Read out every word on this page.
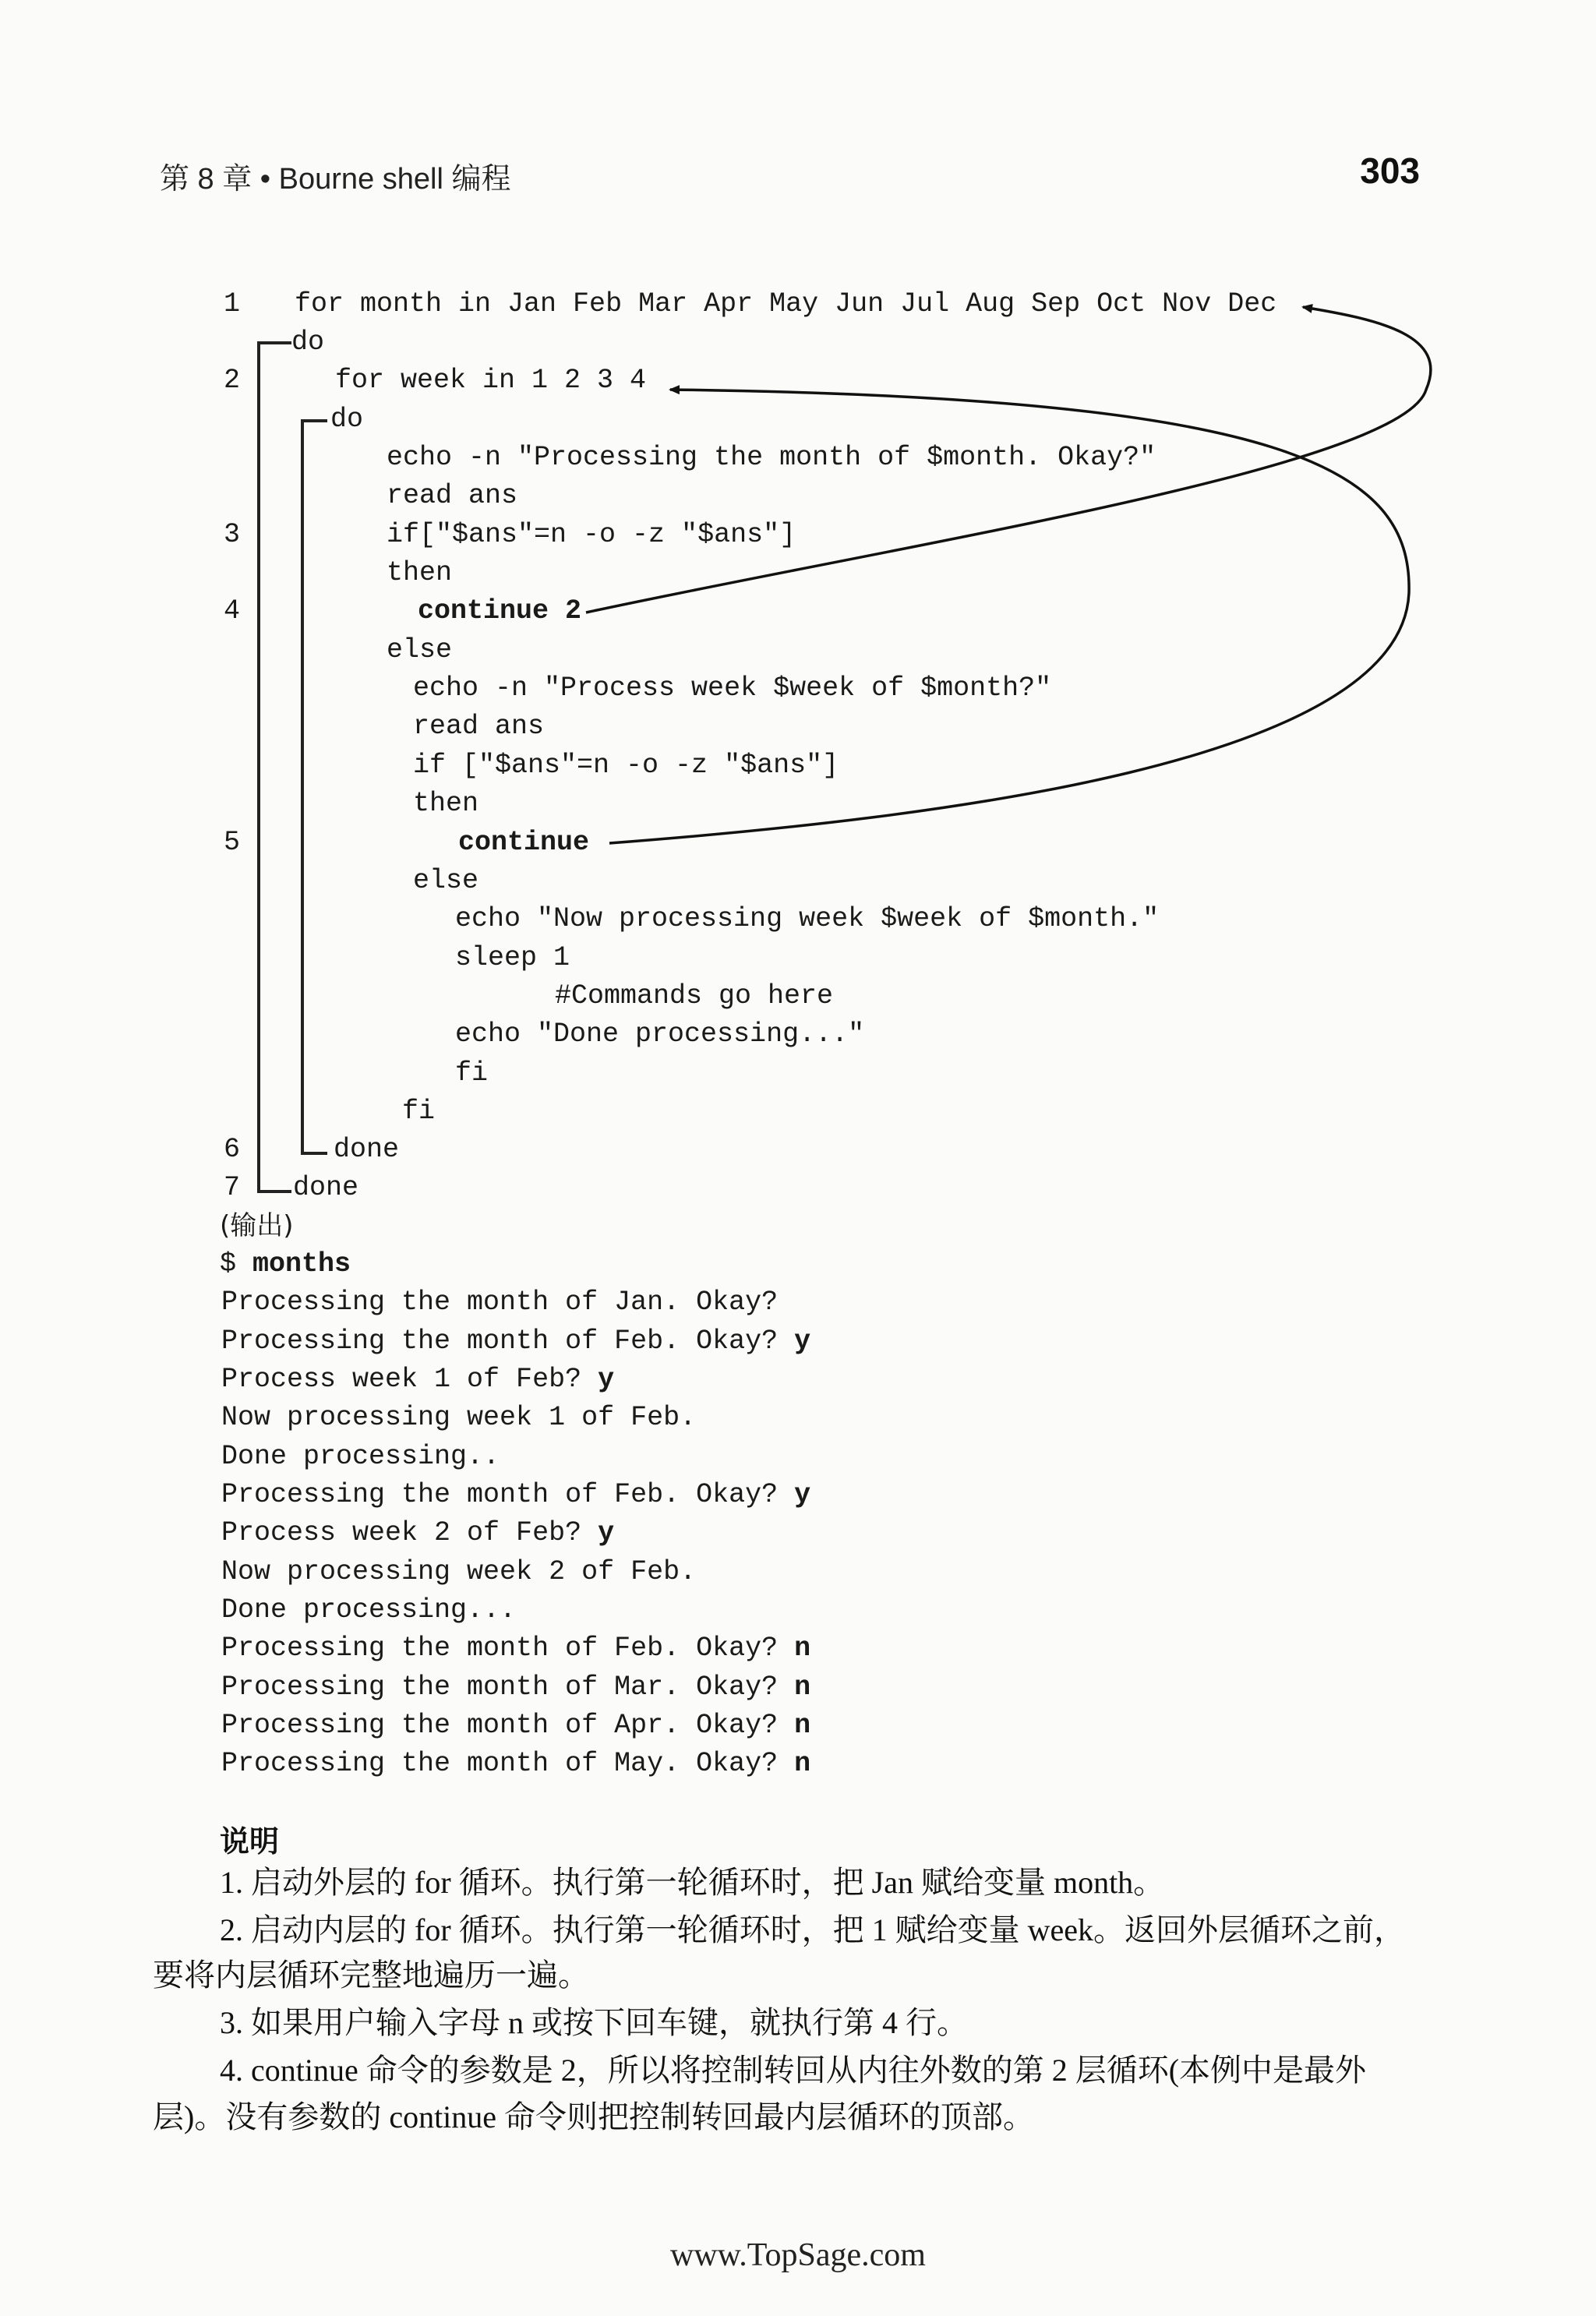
第 8 章 • Bourne shell 编程	303
1
2
3
4
5
6
7
for month in Jan Feb Mar Apr May Jun Jul Aug Sep Oct Nov Dec
do
for week in 1 2 3 4
do
echo -n "Processing the month of $month. Okay?"
read ans
if["$ans"=n -o -z "$ans"]
then
continue 2
else
echo -n "Process week $week of $month?"
read ans
if ["$ans"=n -o -z "$ans"]
then
continue
else
echo "Now processing week $week of $month."
sleep 1
#Commands go here
echo "Done processing..."
fi
fi
done
done
(输出)
$ months
Processing the month of Jan. Okay?
Processing the month of Feb. Okay? y
Process week 1 of Feb? y
Now processing week 1 of Feb.
Done processing..
Processing the month of Feb. Okay? y
Process week 2 of Feb? y
Now processing week 2 of Feb.
Done processing...
Processing the month of Feb. Okay? n
Processing the month of Mar. Okay? n
Processing the month of Apr. Okay? n
Processing the month of May. Okay? n
说明
1. 启动外层的 for 循环。执行第一轮循环时，把 Jan 赋给变量 month。
2. 启动内层的 for 循环。执行第一轮循环时，把 1 赋给变量 week。返回外层循环之前，
要将内层循环完整地遍历一遍。
3. 如果用户输入字母 n 或按下回车键，就执行第 4 行。
4. continue 命令的参数是 2，所以将控制转回从内往外数的第 2 层循环(本例中是最外
层)。没有参数的 continue 命令则把控制转回最内层循环的顶部。
www.TopSage.com
